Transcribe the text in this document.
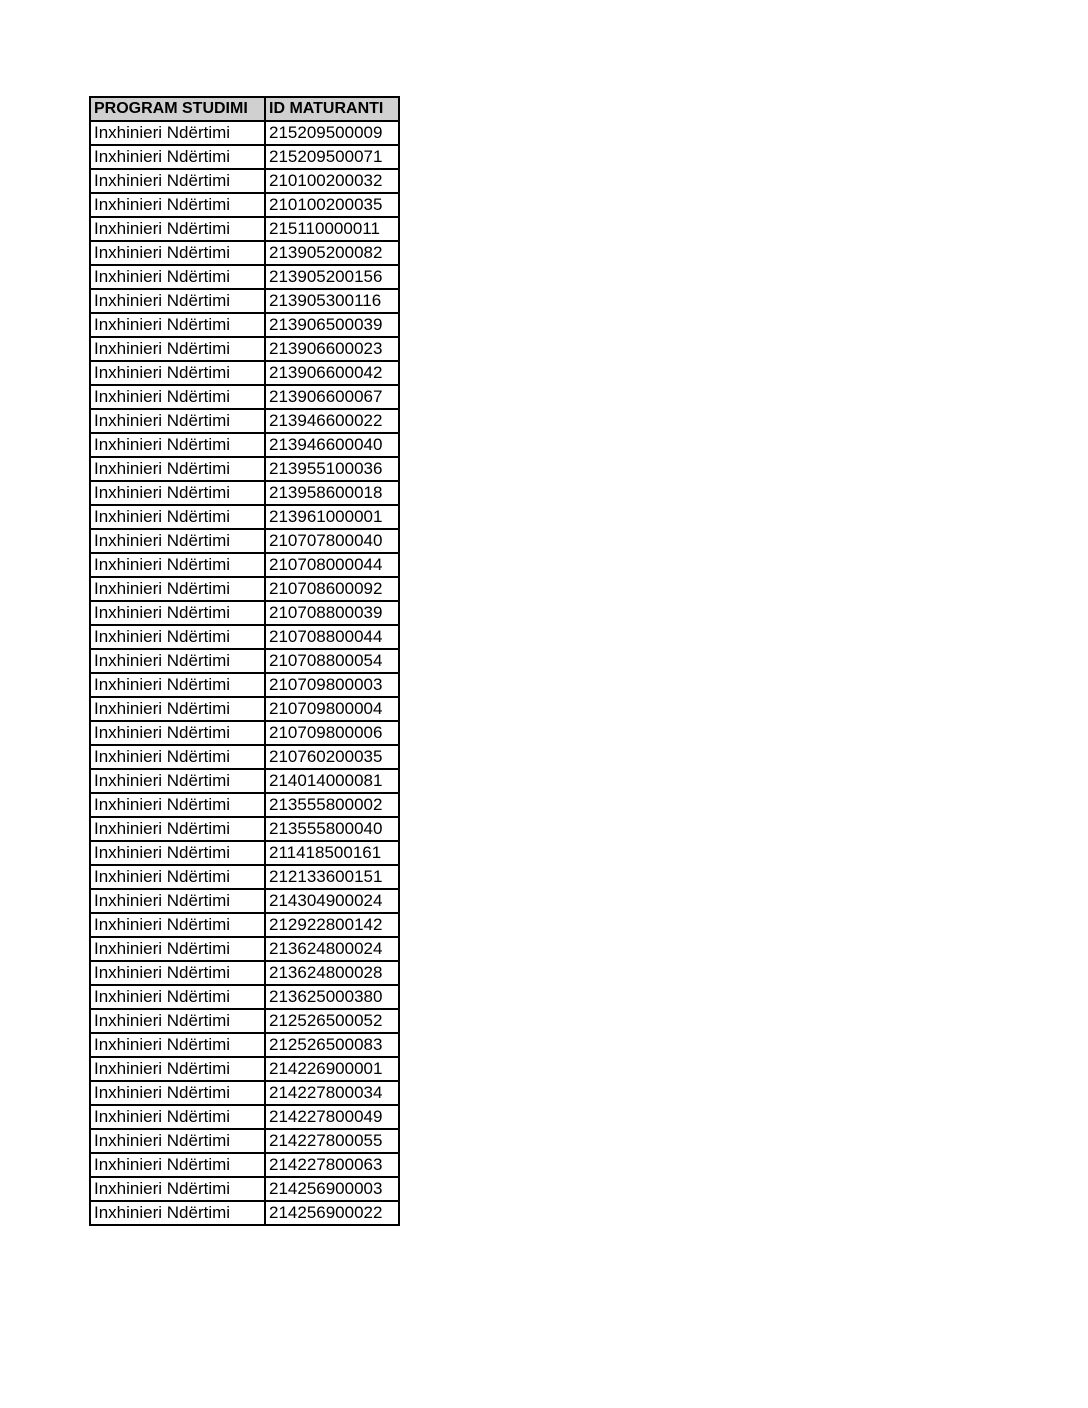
PROGRAM STUDIMI	ID MATURANTI
Inxhinieri Ndërtimi	215209500009
Inxhinieri Ndërtimi	215209500071
Inxhinieri Ndërtimi	210100200032
Inxhinieri Ndërtimi	210100200035
Inxhinieri Ndërtimi	215110000011
Inxhinieri Ndërtimi	213905200082
Inxhinieri Ndërtimi	213905200156
Inxhinieri Ndërtimi	213905300116
Inxhinieri Ndërtimi	213906500039
Inxhinieri Ndërtimi	213906600023
Inxhinieri Ndërtimi	213906600042
Inxhinieri Ndërtimi	213906600067
Inxhinieri Ndërtimi	213946600022
Inxhinieri Ndërtimi	213946600040
Inxhinieri Ndërtimi	213955100036
Inxhinieri Ndërtimi	213958600018
Inxhinieri Ndërtimi	213961000001
Inxhinieri Ndërtimi	210707800040
Inxhinieri Ndërtimi	210708000044
Inxhinieri Ndërtimi	210708600092
Inxhinieri Ndërtimi	210708800039
Inxhinieri Ndërtimi	210708800044
Inxhinieri Ndërtimi	210708800054
Inxhinieri Ndërtimi	210709800003
Inxhinieri Ndërtimi	210709800004
Inxhinieri Ndërtimi	210709800006
Inxhinieri Ndërtimi	210760200035
Inxhinieri Ndërtimi	214014000081
Inxhinieri Ndërtimi	213555800002
Inxhinieri Ndërtimi	213555800040
Inxhinieri Ndërtimi	211418500161
Inxhinieri Ndërtimi	212133600151
Inxhinieri Ndërtimi	214304900024
Inxhinieri Ndërtimi	212922800142
Inxhinieri Ndërtimi	213624800024
Inxhinieri Ndërtimi	213624800028
Inxhinieri Ndërtimi	213625000380
Inxhinieri Ndërtimi	212526500052
Inxhinieri Ndërtimi	212526500083
Inxhinieri Ndërtimi	214226900001
Inxhinieri Ndërtimi	214227800034
Inxhinieri Ndërtimi	214227800049
Inxhinieri Ndërtimi	214227800055
Inxhinieri Ndërtimi	214227800063
Inxhinieri Ndërtimi	214256900003
Inxhinieri Ndërtimi	214256900022
